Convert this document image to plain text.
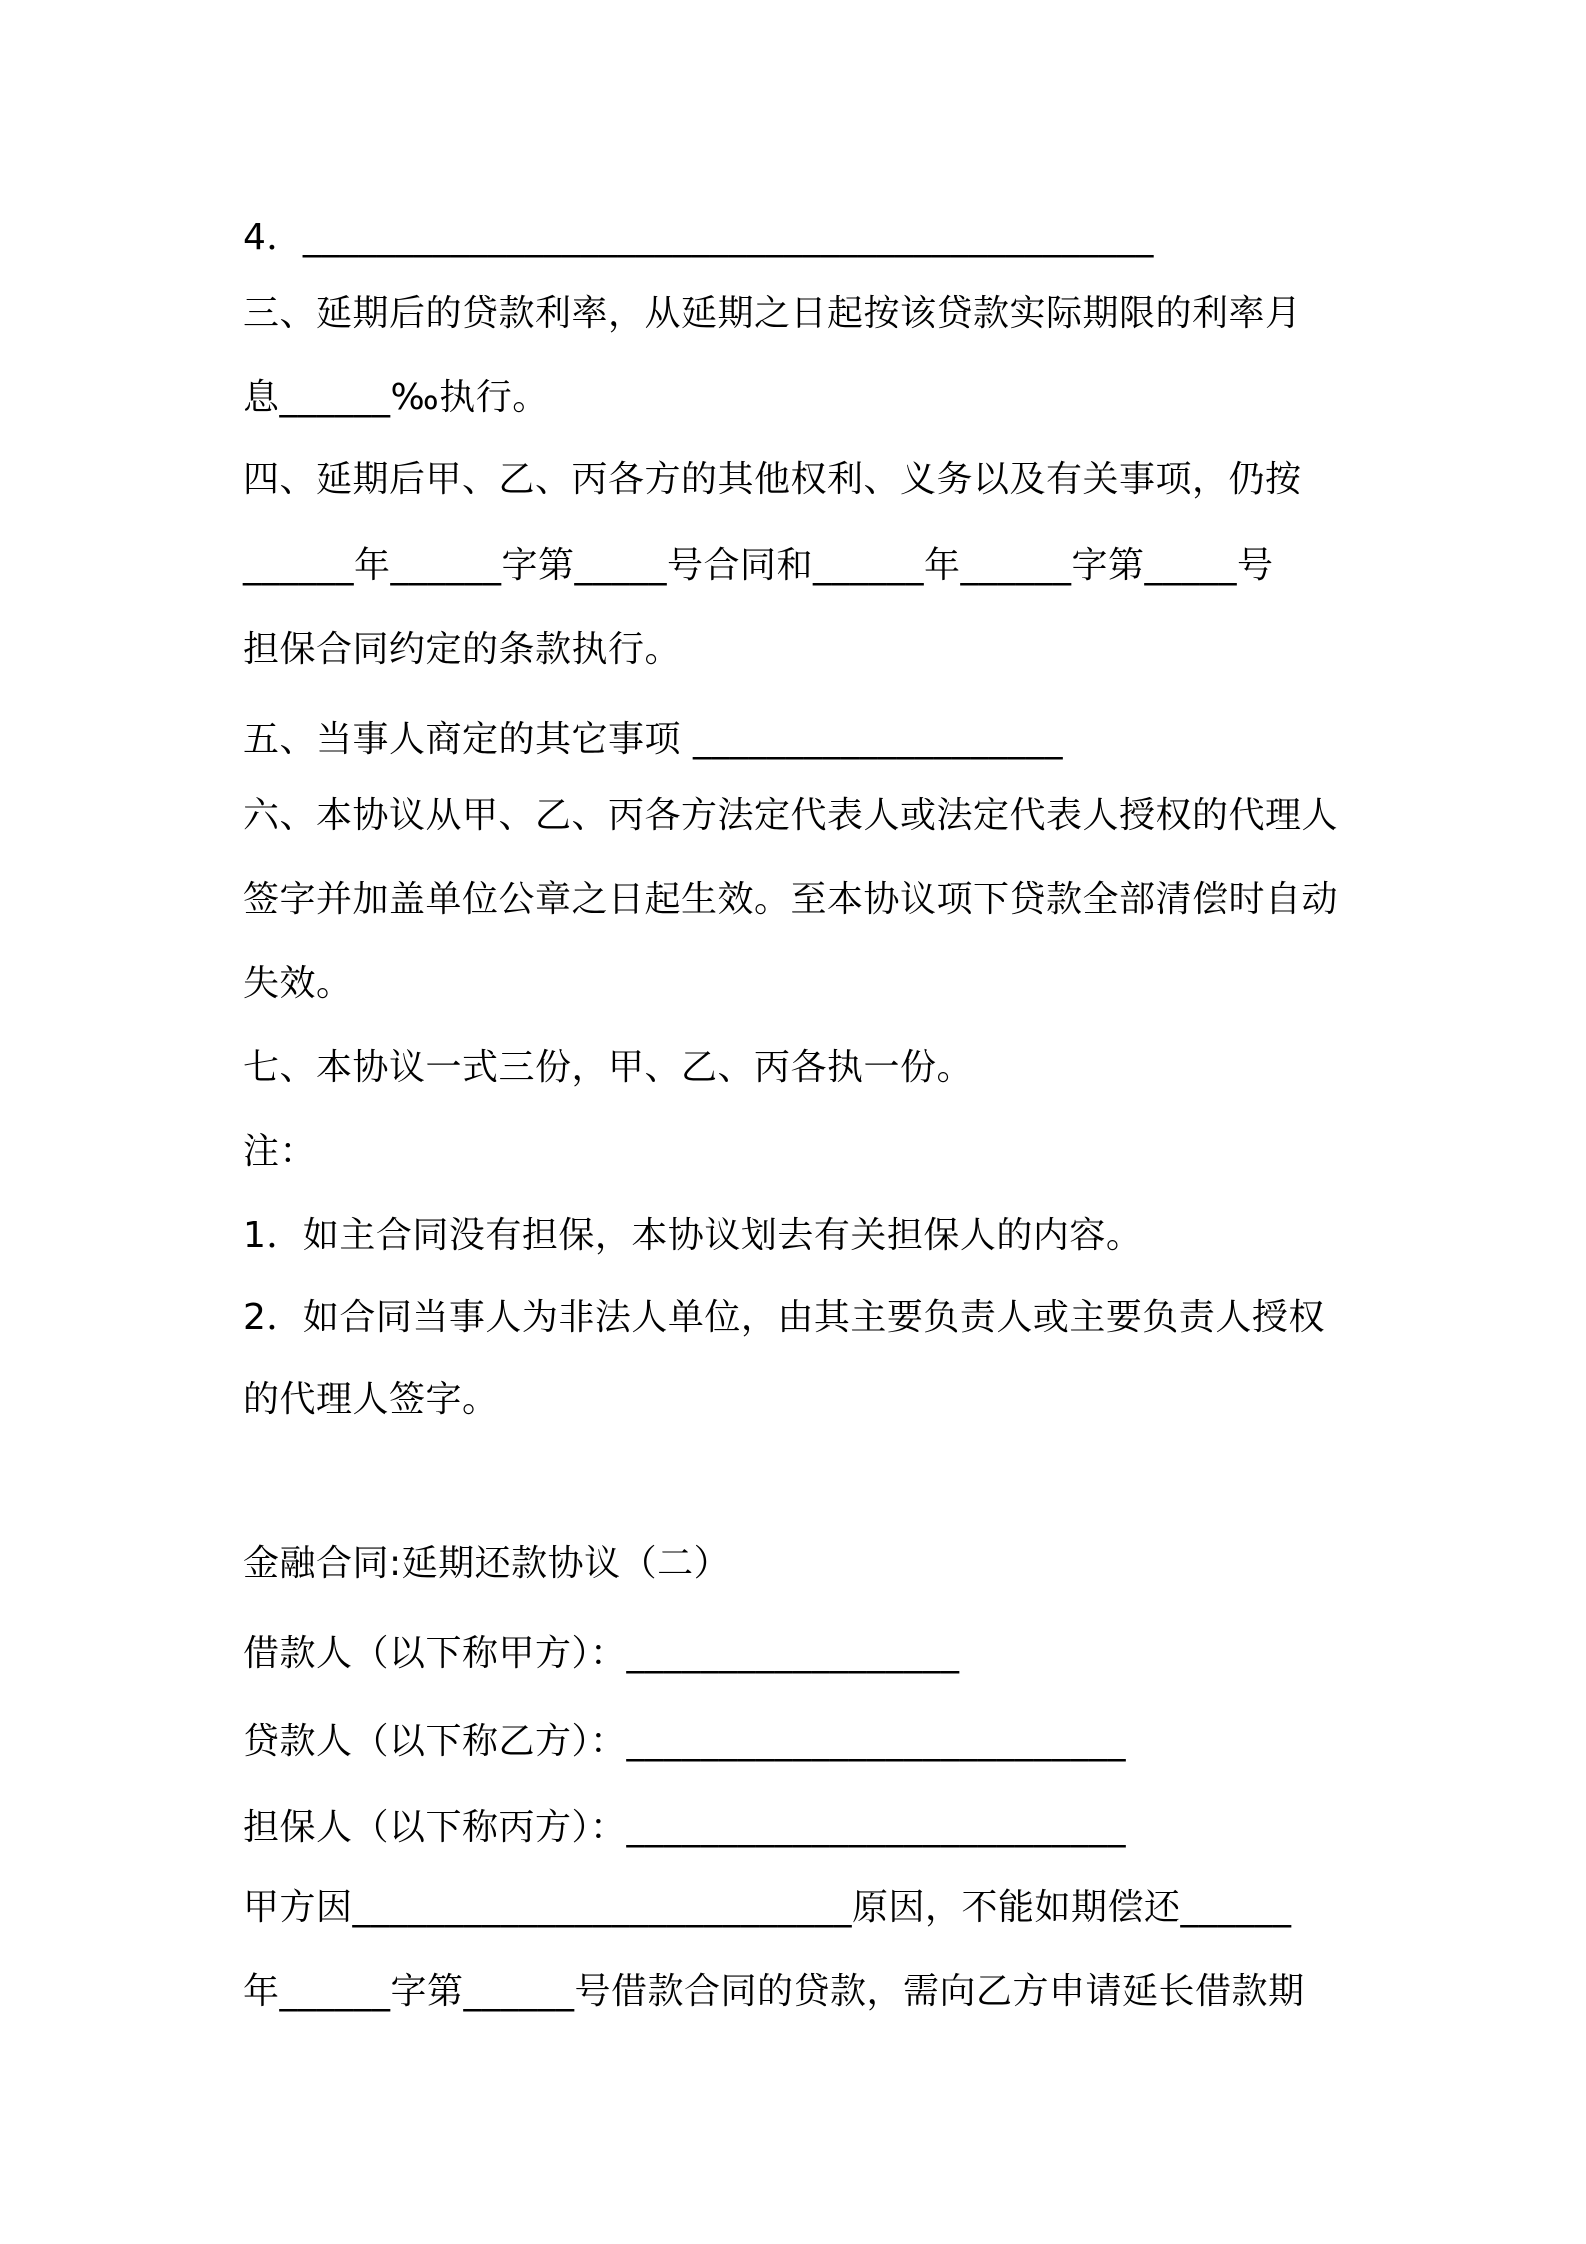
4．______________________________________________
三、延期后的贷款利率，从延期之日起按该贷款实际期限的利率月
息______‰执行。
四、延期后甲、乙、丙各方的其他权利、义务以及有关事项，仍按
______年______字第_____号合同和______年______字第_____号
担保合同约定的条款执行。
五、当事人商定的其它事项 ____________________
六、本协议从甲、乙、丙各方法定代表人或法定代表人授权的代理人
签字并加盖单位公章之日起生效。至本协议项下贷款全部清偿时自动
失效。
七、本协议一式三份，甲、乙、丙各执一份。
注：
1．如主合同没有担保，本协议划去有关担保人的内容。
2．如合同当事人为非法人单位，由其主要负责人或主要负责人授权
的代理人签字。
金融合同:延期还款协议（二）
借款人（以下称甲方）：__________________
贷款人（以下称乙方）：___________________________
担保人（以下称丙方）：___________________________
甲方因___________________________原因，不能如期偿还______
年______字第______号借款合同的贷款，需向乙方申请延长借款期
